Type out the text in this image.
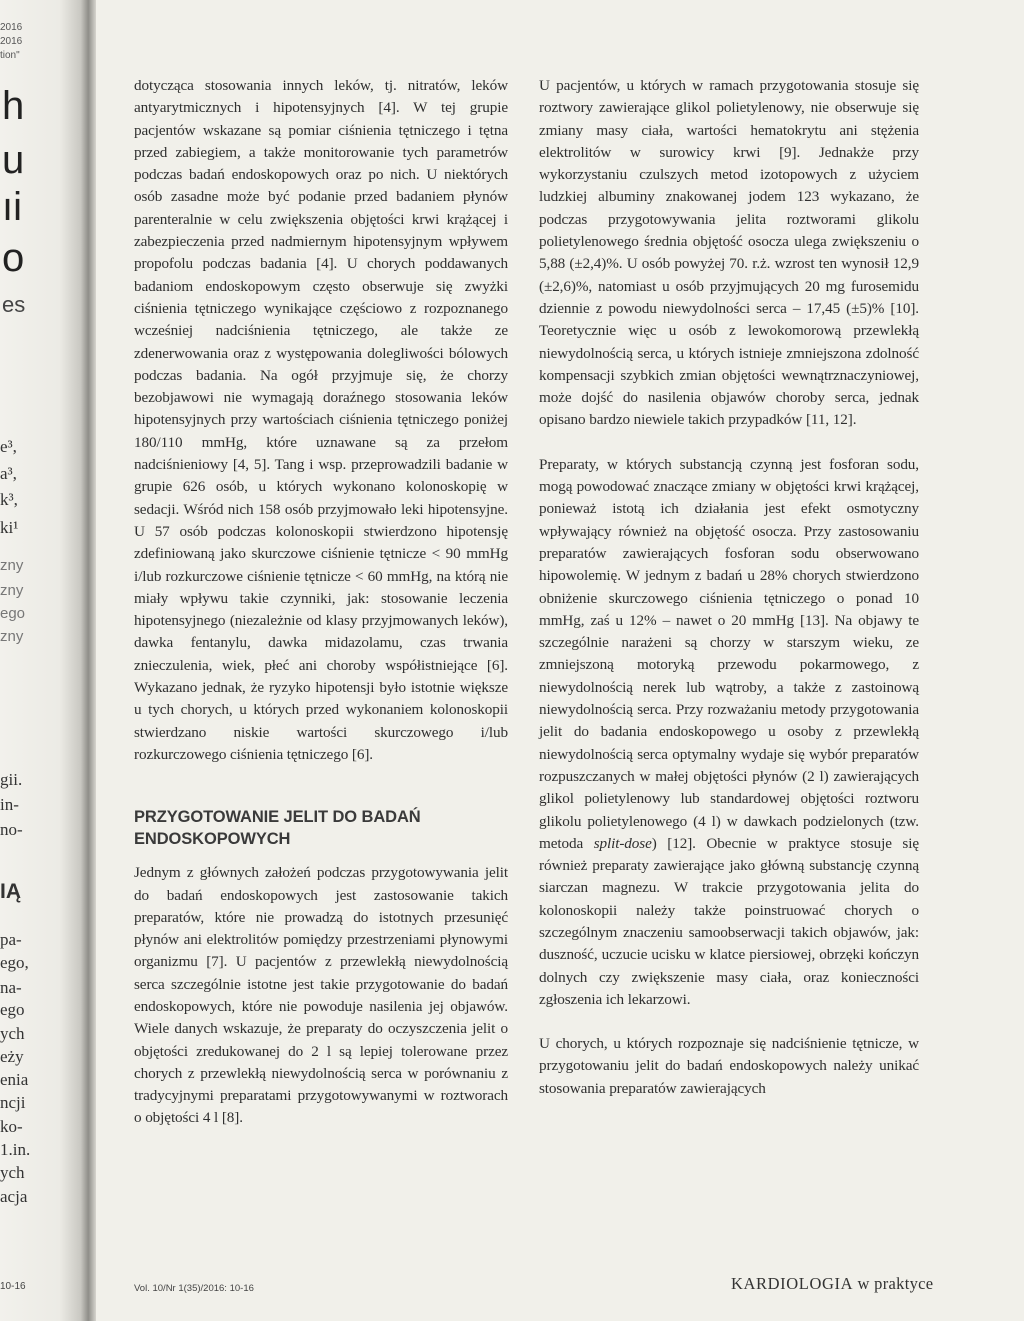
2016
2016
tion"
h
u
ıi
o
es
e³,
a³,
k³,
ki¹
zny
zny
ego
zny
gii.
in-
no-
IĄ
pa-
ego,
na-
ego
ych
eży
enia
ncji
ko-
1.in.
ych
acja
10-16

dotycząca stosowania innych leków, tj. nitratów, leków antyarytmicznych i hipotensyjnych [4]. W tej grupie pacjentów wskazane są pomiar ciśnienia tętniczego i tętna przed zabiegiem, a także monitorowanie tych parametrów podczas badań endoskopowych oraz po nich. U niektórych osób zasadne może być podanie przed badaniem płynów parenteralnie w celu zwiększenia objętości krwi krążącej i zabezpieczenia przed nadmiernym hipotensyjnym wpływem propofolu podczas badania [4]. U chorych poddawanych badaniom endoskopowym często obserwuje się zwyżki ciśnienia tętniczego wynikające częściowo z rozpoznanego wcześniej nadciśnienia tętniczego, ale także ze zdenerwowania oraz z występowania dolegliwości bólowych podczas badania. Na ogół przyjmuje się, że chorzy bezobjawowi nie wymagają doraźnego stosowania leków hipotensyjnych przy wartościach ciśnienia tętniczego poniżej 180/110 mmHg, które uznawane są za przełom nadciśnieniowy [4, 5]. Tang i wsp. przeprowadzili badanie w grupie 626 osób, u których wykonano kolonoskopię w sedacji. Wśród nich 158 osób przyjmowało leki hipotensyjne. U 57 osób podczas kolonoskopii stwierdzono hipotensję zdefiniowaną jako skurczowe ciśnienie tętnicze < 90 mmHg i/lub rozkurczowe ciśnienie tętnicze < 60 mmHg, na którą nie miały wpływu takie czynniki, jak: stosowanie leczenia hipotensyjnego (niezależnie od klasy przyjmowanych leków), dawka fentanylu, dawka midazolamu, czas trwania znieczulenia, wiek, płeć ani choroby współistniejące [6]. Wykazano jednak, że ryzyko hipotensji było istotnie większe u tych chorych, u których przed wykonaniem kolonoskopii stwierdzano niskie wartości skurczowego i/lub rozkurczowego ciśnienia tętniczego [6].

PRZYGOTOWANIE JELIT DO BADAŃ ENDOSKOPOWYCH

Jednym z głównych założeń podczas przygotowywania jelit do badań endoskopowych jest zastosowanie takich preparatów, które nie prowadzą do istotnych przesunięć płynów ani elektrolitów pomiędzy przestrzeniami płynowymi organizmu [7]. U pacjentów z przewlekłą niewydolnością serca szczególnie istotne jest takie przygotowanie do badań endoskopowych, które nie powoduje nasilenia jej objawów. Wiele danych wskazuje, że preparaty do oczyszczenia jelit o objętości zredukowanej do 2 l są lepiej tolerowane przez chorych z przewlekłą niewydolnością serca w porównaniu z tradycyjnymi preparatami przygotowywanymi w roztworach o objętości 4 l [8].

U pacjentów, u których w ramach przygotowania stosuje się roztwory zawierające glikol polietylenowy, nie obserwuje się zmiany masy ciała, wartości hematokrytu ani stężenia elektrolitów w surowicy krwi [9]. Jednakże przy wykorzystaniu czulszych metod izotopowych z użyciem ludzkiej albuminy znakowanej jodem 123 wykazano, że podczas przygotowywania jelita roztworami glikolu polietylenowego średnia objętość osocza ulega zwiększeniu o 5,88 (±2,4)%. U osób powyżej 70. r.ż. wzrost ten wynosił 12,9 (±2,6)%, natomiast u osób przyjmujących 20 mg furosemidu dziennie z powodu niewydolności serca – 17,45 (±5)% [10]. Teoretycznie więc u osób z lewokomorową przewlekłą niewydolnością serca, u których istnieje zmniejszona zdolność kompensacji szybkich zmian objętości wewnątrznaczyniowej, może dojść do nasilenia objawów choroby serca, jednak opisano bardzo niewiele takich przypadków [11, 12].

Preparaty, w których substancją czynną jest fosforan sodu, mogą powodować znaczące zmiany w objętości krwi krążącej, ponieważ istotą ich działania jest efekt osmotyczny wpływający również na objętość osocza. Przy zastosowaniu preparatów zawierających fosforan sodu obserwowano hipowolemię. W jednym z badań u 28% chorych stwierdzono obniżenie skurczowego ciśnienia tętniczego o ponad 10 mmHg, zaś u 12% – nawet o 20 mmHg [13]. Na objawy te szczególnie narażeni są chorzy w starszym wieku, ze zmniejszoną motoryką przewodu pokarmowego, z niewydolnością nerek lub wątroby, a także z zastoinową niewydolnością serca. Przy rozważaniu metody przygotowania jelit do badania endoskopowego u osoby z przewlekłą niewydolnością serca optymalny wydaje się wybór preparatów rozpuszczanych w małej objętości płynów (2 l) zawierających glikol polietylenowy lub standardowej objętości roztworu glikolu polietylenowego (4 l) w dawkach podzielonych (tzw. metoda split-dose) [12]. Obecnie w praktyce stosuje się również preparaty zawierające jako główną substancję czynną siarczan magnezu. W trakcie przygotowania jelita do kolonoskopii należy także poinstruować chorych o szczególnym znaczeniu samoobserwacji takich objawów, jak: duszność, uczucie ucisku w klatce piersiowej, obrzęki kończyn dolnych czy zwiększenie masy ciała, oraz konieczności zgłoszenia ich lekarzowi.

U chorych, u których rozpoznaje się nadciśnienie tętnicze, w przygotowaniu jelit do badań endoskopowych należy unikać stosowania preparatów zawierających

Vol. 10/Nr 1(35)/2016: 10-16	KARDIOLOGIA w praktyce
